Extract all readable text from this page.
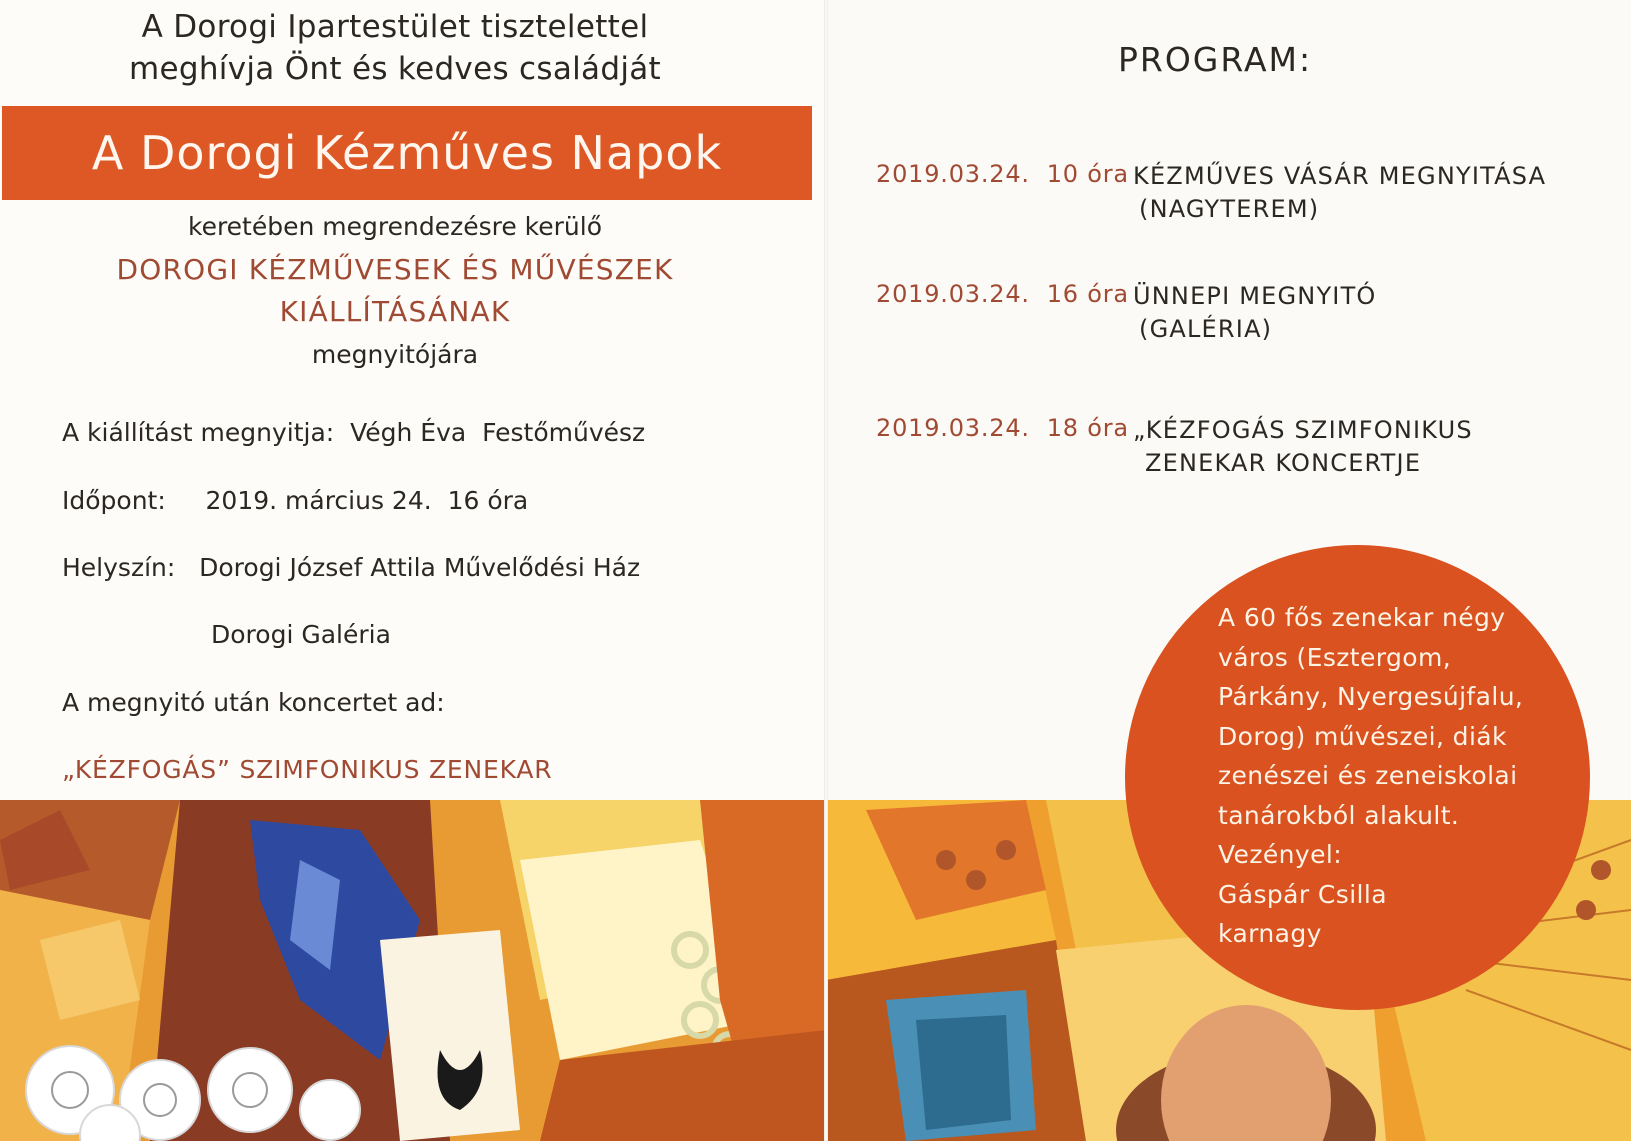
A Dorogi Ipartestület tisztelettel
meghívja Önt és kedves családját
A Dorogi Kézműves Napok
keretében megrendezésre kerülő
DOROGI KÉZMŰVESEK ÉS MŰVÉSZEK
KIÁLLÍTÁSÁNAK
megnyitójára
A kiállítást megnyitja:  Végh Éva  Festőművész
Időpont:     2019. március 24.  16 óra
Helyszín:   Dorogi József Attila Művelődési Ház
Dorogi Galéria
A megnyitó után koncertet ad:
„KÉZFOGÁS” SZIMFONIKUS ZENEKAR
PROGRAM:
2019.03.24.  10 óra KÉZMŰVES VÁSÁR MEGNYITÁSA
(NAGYTEREM)
2019.03.24.  16 óra ÜNNEPI MEGNYITÓ
(GALÉRIA)
2019.03.24.  18 óra „KÉZFOGÁS SZIMFONIKUS
ZENEKAR KONCERTJE
A 60 fős zenekar négy
város (Esztergom,
Párkány, Nyergesújfalu,
Dorog) művészei, diák
zenészei és zeneiskolai
tanárokból alakult.
Vezényel:
Gáspár Csilla
karnagy
